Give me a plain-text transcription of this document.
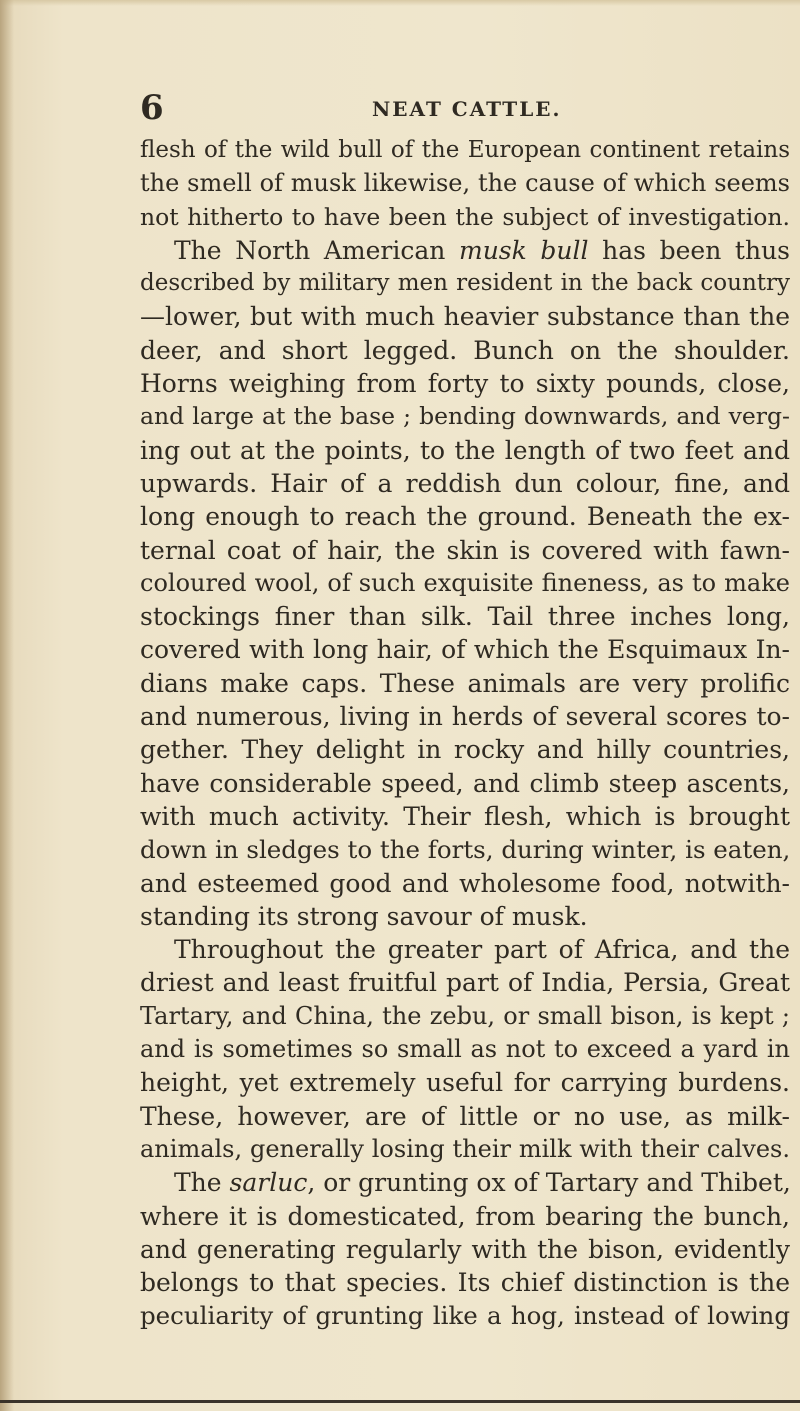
6	NEAT CATTLE.
flesh of the wild bull of the European continent retains
the smell of musk likewise, the cause of which seems
not hitherto to have been the subject of investigation.
The North American musk bull has been thus
described by military men resident in the back country
—lower, but with much heavier substance than the
deer, and short legged. Bunch on the shoulder.
Horns weighing from forty to sixty pounds, close,
and large at the base ; bending downwards, and verg-
ing out at the points, to the length of two feet and
upwards. Hair of a reddish dun colour, fine, and
long enough to reach the ground. Beneath the ex-
ternal coat of hair, the skin is covered with fawn-
coloured wool, of such exquisite fineness, as to make
stockings finer than silk. Tail three inches long,
covered with long hair, of which the Esquimaux In-
dians make caps. These animals are very prolific
and numerous, living in herds of several scores to-
gether. They delight in rocky and hilly countries,
have considerable speed, and climb steep ascents,
with much activity. Their flesh, which is brought
down in sledges to the forts, during winter, is eaten,
and esteemed good and wholesome food, notwith-
standing its strong savour of musk.
Throughout the greater part of Africa, and the
driest and least fruitful part of India, Persia, Great
Tartary, and China, the zebu, or small bison, is kept ;
and is sometimes so small as not to exceed a yard in
height, yet extremely useful for carrying burdens.
These, however, are of little or no use, as milk-
animals, generally losing their milk with their calves.
The sarluc, or grunting ox of Tartary and Thibet,
where it is domesticated, from bearing the bunch,
and generating regularly with the bison, evidently
belongs to that species. Its chief distinction is the
peculiarity of grunting like a hog, instead of lowing
